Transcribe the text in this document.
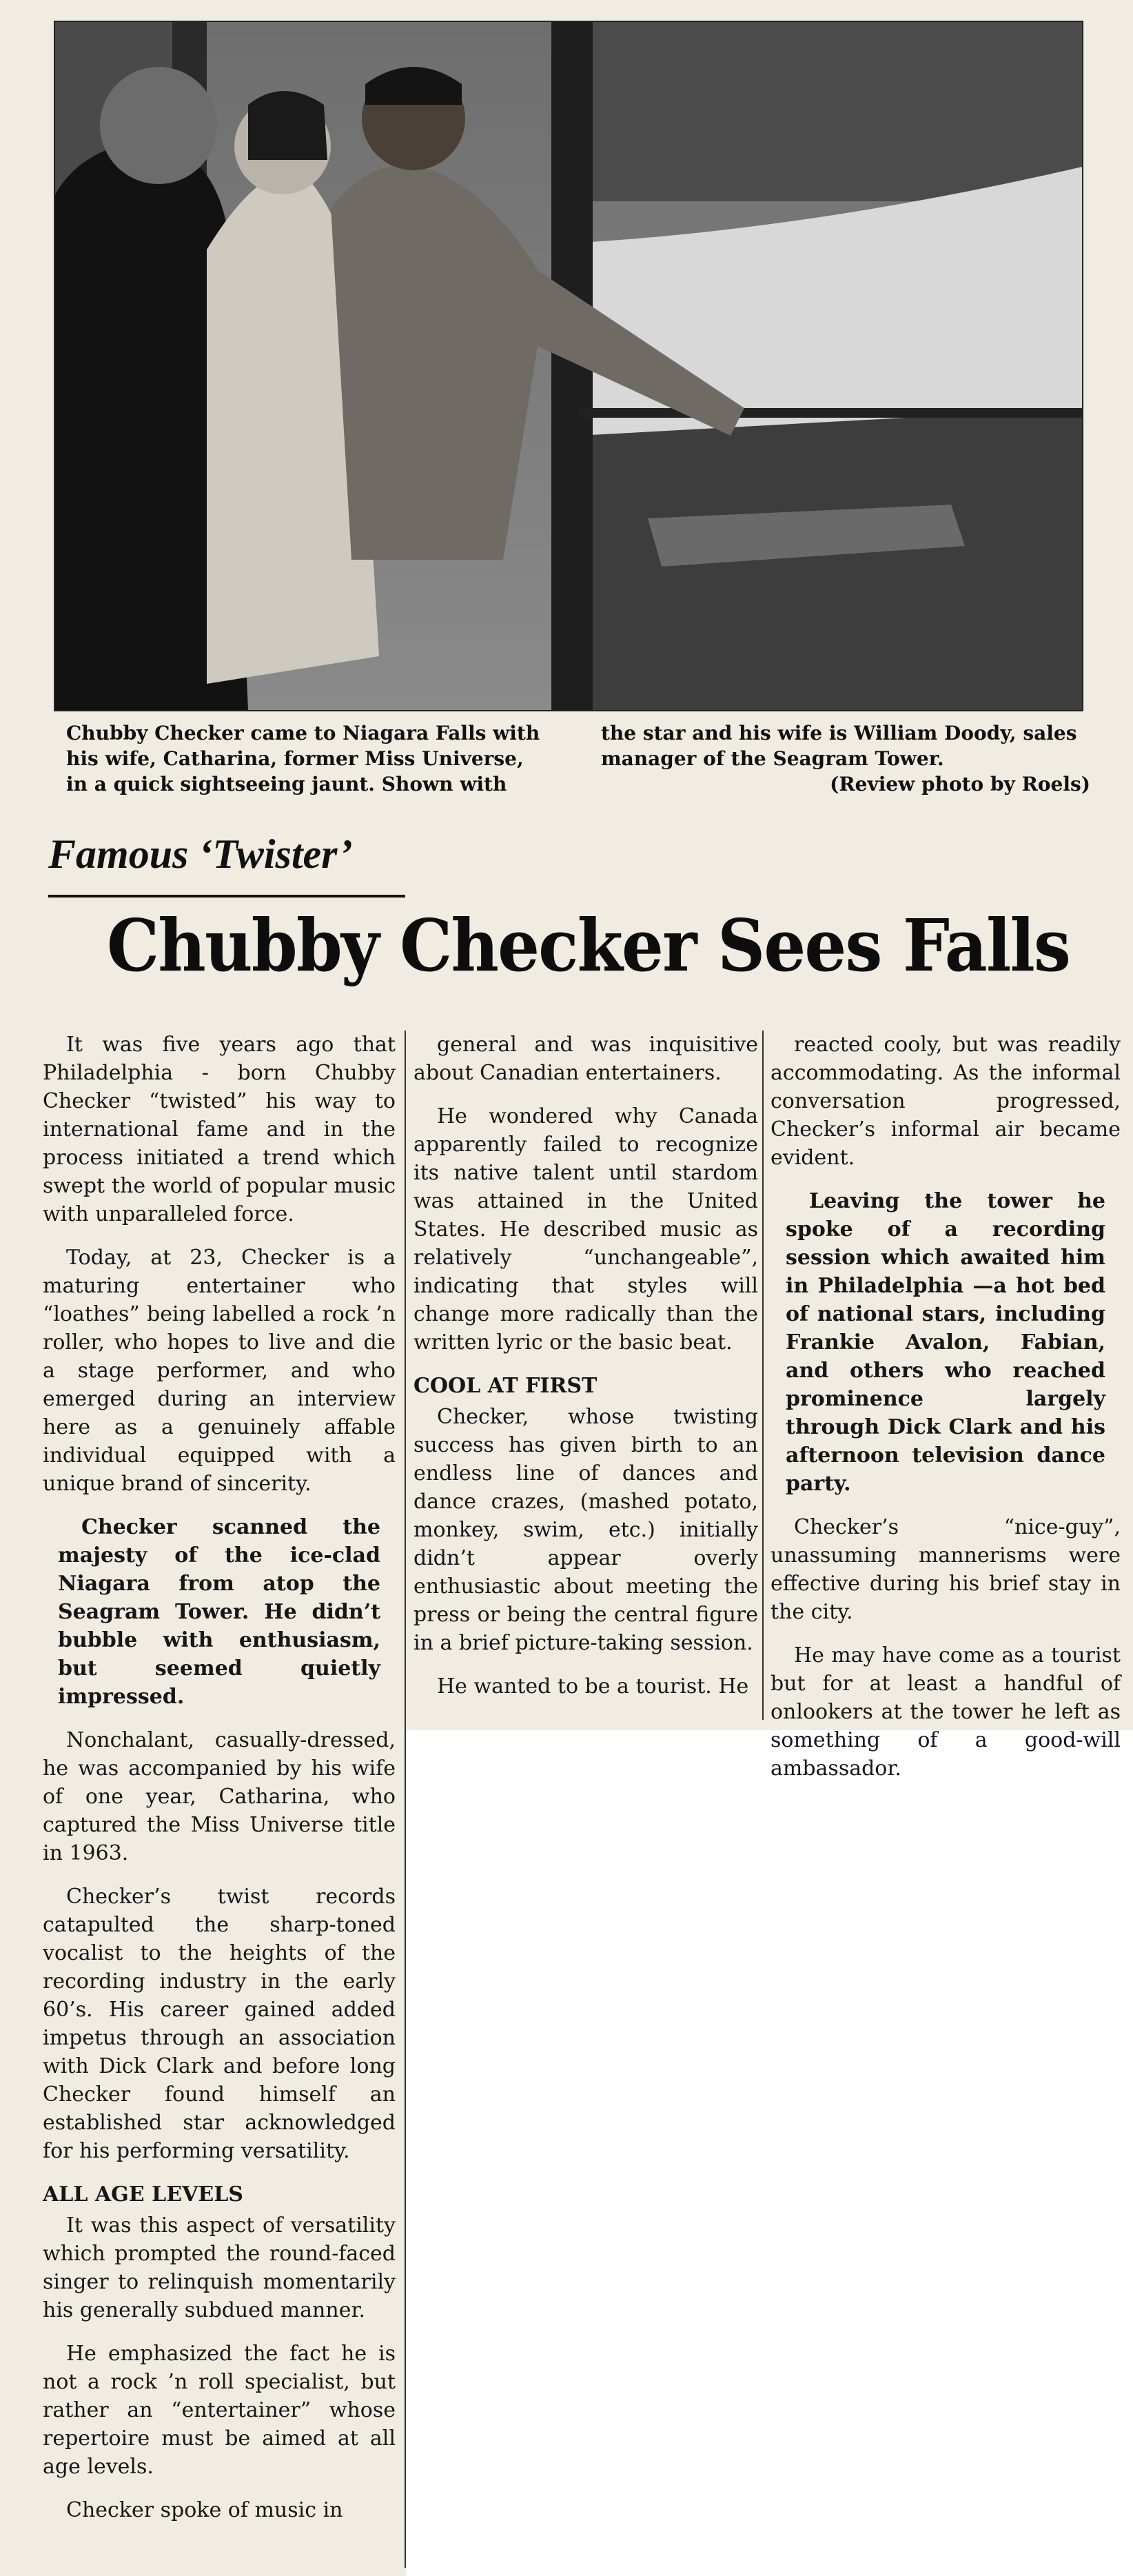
Chubby Checker came to Niagara Falls with
his wife, Catharina, former Miss Universe,
in a quick sightseeing jaunt. Shown with
the star and his wife is William Doody, sales
manager of the Seagram Tower.
(Review photo by Roels)
Famous ‘Twister’
Chubby Checker Sees Falls

It was five years ago that Philadelphia - born Chubby Checker “twisted” his way to international fame and in the process initiated a trend which swept the world of popular music with unparalleled force.

Today, at 23, Checker is a maturing entertainer who “loathes” being labelled a rock ’n roller, who hopes to live and die a stage performer, and who emerged during an interview here as a genuinely affable individual equipped with a unique brand of sincerity.

Checker scanned the majesty of the ice-clad Niagara from atop the Seagram Tower. He didn’t bubble with enthusiasm, but seemed quietly impressed.

Nonchalant, casually-dressed, he was accompanied by his wife of one year, Catharina, who captured the Miss Universe title in 1963.

Checker’s twist records catapulted the sharp-toned vocalist to the heights of the recording industry in the early 60’s. His career gained added impetus through an association with Dick Clark and before long Checker found himself an established star acknowledged for his performing versatility.

ALL AGE LEVELS

It was this aspect of versatility which prompted the round-faced singer to relinquish momentarily his generally subdued manner.

He emphasized the fact he is not a rock ’n roll specialist, but rather an “entertainer” whose repertoire must be aimed at all age levels.

Checker spoke of music in

general and was inquisitive about Canadian entertainers.

He wondered why Canada apparently failed to recognize its native talent until stardom was attained in the United States. He described music as relatively “unchangeable”, indicating that styles will change more radically than the written lyric or the basic beat.

COOL AT FIRST

Checker, whose twisting success has given birth to an endless line of dances and dance crazes, (mashed potato, monkey, swim, etc.) initially didn’t appear overly enthusiastic about meeting the press or being the central figure in a brief picture-taking session.

He wanted to be a tourist. He

reacted cooly, but was readily accommodating. As the informal conversation progressed, Checker’s informal air became evident.

Leaving the tower he spoke of a recording session which awaited him in Philadelphia —a hot bed of national stars, including Frankie Avalon, Fabian, and others who reached prominence largely through Dick Clark and his afternoon television dance party.

Checker’s “nice-guy”, unassuming mannerisms were effective during his brief stay in the city.

He may have come as a tourist but for at least a handful of onlookers at the tower he left as something of a good-will ambassador.
